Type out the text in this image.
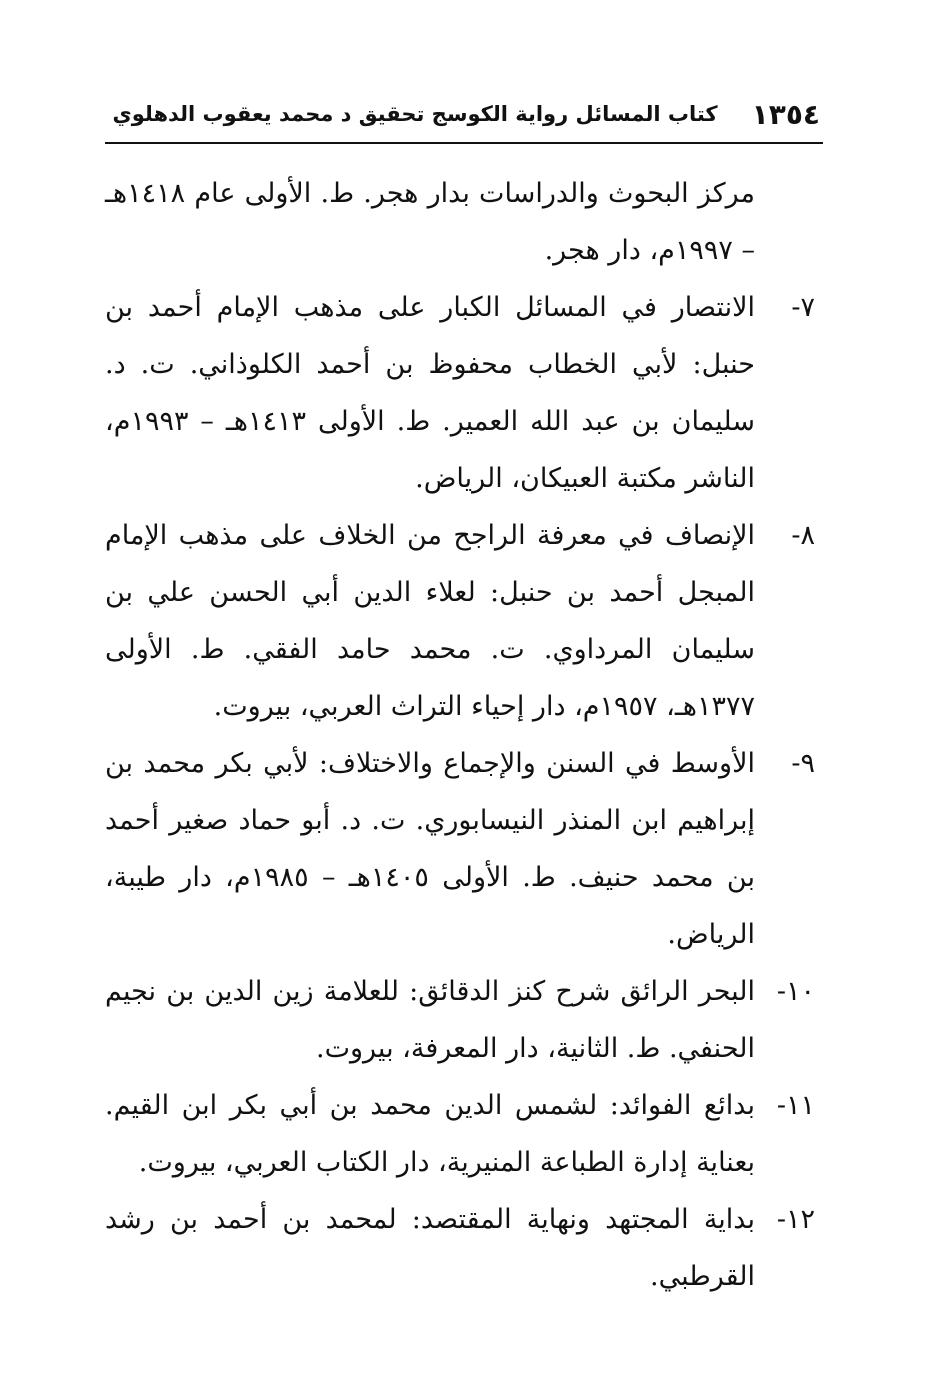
١٣٥٤
كتاب المسائل رواية الكوسج تحقيق د محمد يعقوب الدهلوي
مركز البحوث والدراسات بدار هجر. ط. الأولى عام ١٤١٨هـ – ١٩٩٧م، دار هجر.
٧-
الانتصار في المسائل الكبار على مذهب الإمام أحمد بن حنبل: لأبي الخطاب محفوظ بن أحمد الكلوذاني. ت. د. سليمان بن عبد الله العمير. ط. الأولى ١٤١٣هـ – ١٩٩٣م، الناشر مكتبة العبيكان، الرياض.
٨-
الإنصاف في معرفة الراجح من الخلاف على مذهب الإمام المبجل أحمد بن حنبل: لعلاء الدين أبي الحسن علي بن سليمان المرداوي. ت. محمد حامد الفقي. ط. الأولى ١٣٧٧هـ، ١٩٥٧م، دار إحياء التراث العربي، بيروت.
٩-
الأوسط في السنن والإجماع والاختلاف: لأبي بكر محمد بن إبراهيم ابن المنذر النيسابوري. ت. د. أبو حماد صغير أحمد بن محمد حنيف. ط. الأولى ١٤٠٥هـ – ١٩٨٥م، دار طيبة، الرياض.
١٠-
البحر الرائق شرح كنز الدقائق: للعلامة زين الدين بن نجيم الحنفي. ط. الثانية، دار المعرفة، بيروت.
١١-
بدائع الفوائد: لشمس الدين محمد بن أبي بكر ابن القيم. بعناية إدارة الطباعة المنيرية، دار الكتاب العربي، بيروت.
١٢-
بداية المجتهد ونهاية المقتصد: لمحمد بن أحمد بن رشد القرطبي.
